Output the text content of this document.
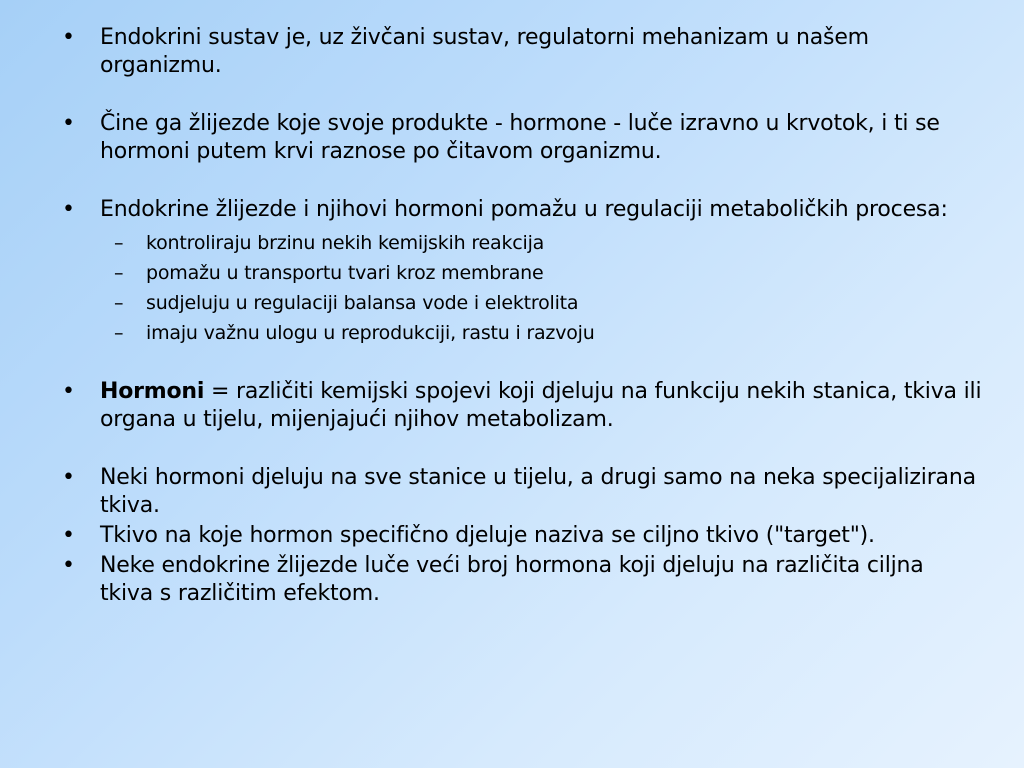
• Endokrini sustav je, uz živčani sustav, regulatorni mehanizam u našem organizmu.
• Čine ga žlijezde koje svoje produkte - hormone - luče izravno u krvotok, i ti se hormoni putem krvi raznose po čitavom organizmu.
• Endokrine žlijezde i njihovi hormoni pomažu u regulaciji metaboličkih procesa:
– kontroliraju brzinu nekih kemijskih reakcija
– pomažu u transportu tvari kroz membrane
– sudjeluju u regulaciji balansa vode i elektrolita
– imaju važnu ulogu u reprodukciji, rastu i razvoju
• Hormoni = različiti kemijski spojevi koji djeluju na funkciju nekih stanica, tkiva ili organa u tijelu, mijenjajući njihov metabolizam.
• Neki hormoni djeluju na sve stanice u tijelu, a drugi samo na neka specijalizirana tkiva.
• Tkivo na koje hormon specifično djeluje naziva se ciljno tkivo ("target").
• Neke endokrine žlijezde luče veći broj hormona koji djeluju na različita ciljna tkiva s različitim efektom.
